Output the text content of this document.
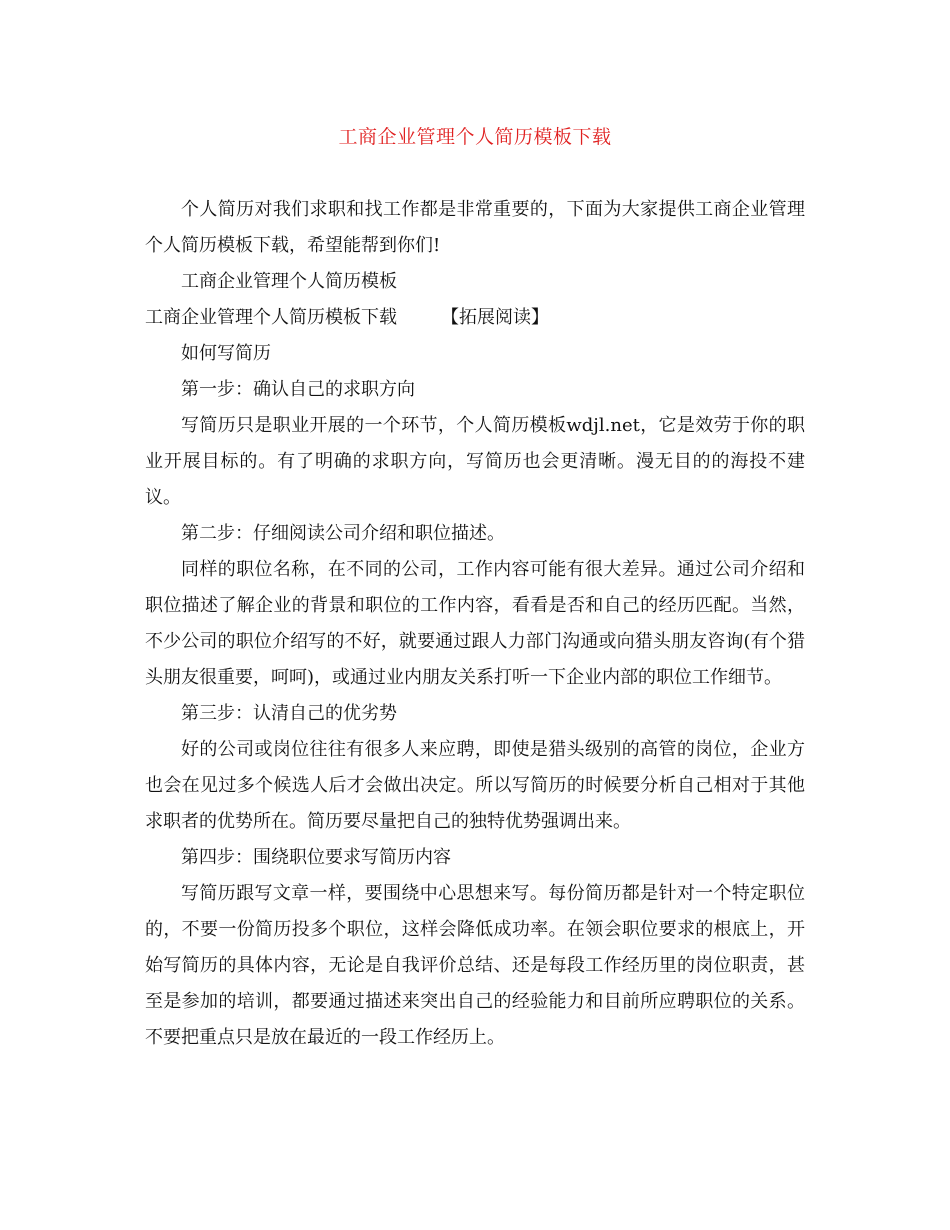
工商企业管理个人简历模板下载

个人简历对我们求职和找工作都是非常重要的，下面为大家提供工商企业管理个人简历模板下载，希望能帮到你们!

工商企业管理个人简历模板

工商企业管理个人简历模板下载 【拓展阅读】

如何写简历

第一步：确认自己的求职方向

写简历只是职业开展的一个环节，个人简历模板wdjl.net，它是效劳于你的职业开展目标的。有了明确的求职方向，写简历也会更清晰。漫无目的的海投不建议。

第二步：仔细阅读公司介绍和职位描述。

同样的职位名称，在不同的公司，工作内容可能有很大差异。通过公司介绍和职位描述了解企业的背景和职位的工作内容，看看是否和自己的经历匹配。当然，不少公司的职位介绍写的不好，就要通过跟人力部门沟通或向猎头朋友咨询(有个猎头朋友很重要，呵呵)，或通过业内朋友关系打听一下企业内部的职位工作细节。

第三步：认清自己的优劣势

好的公司或岗位往往有很多人来应聘，即使是猎头级别的高管的岗位，企业方也会在见过多个候选人后才会做出决定。所以写简历的时候要分析自己相对于其他求职者的优势所在。简历要尽量把自己的独特优势强调出来。

第四步：围绕职位要求写简历内容

写简历跟写文章一样，要围绕中心思想来写。每份简历都是针对一个特定职位的，不要一份简历投多个职位，这样会降低成功率。在领会职位要求的根底上，开始写简历的具体内容，无论是自我评价总结、还是每段工作经历里的岗位职责，甚至是参加的培训，都要通过描述来突出自己的经验能力和目前所应聘职位的关系。不要把重点只是放在最近的一段工作经历上。
